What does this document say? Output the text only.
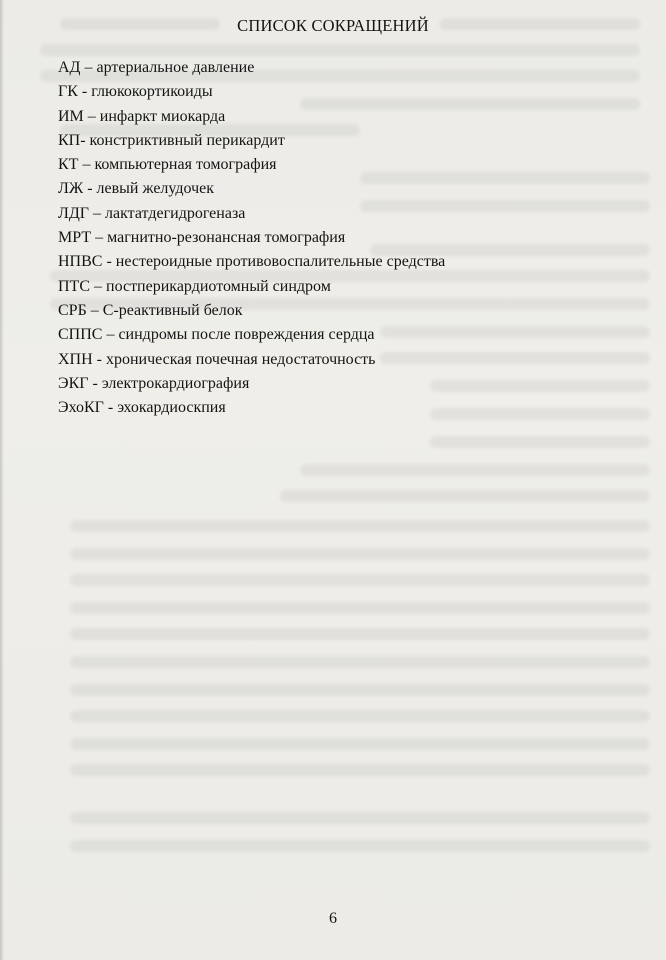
СПИСОК СОКРАЩЕНИЙ
АД – артериальное давление
ГК - глюкокортикоиды
ИМ – инфаркт миокарда
КП- констриктивный перикардит
КТ – компьютерная томография
ЛЖ - левый желудочек
ЛДГ – лактатдегидрогеназа
МРТ – магнитно-резонансная томография
НПВС - нестероидные противовоспалительные средства
ПТС – постперикардиотомный синдром
СРБ – С-реактивный белок
СППС – синдромы после повреждения сердца
ХПН - хроническая почечная недостаточность
ЭКГ - электрокардиография
ЭхоКГ - эхокардиоскпия
6
